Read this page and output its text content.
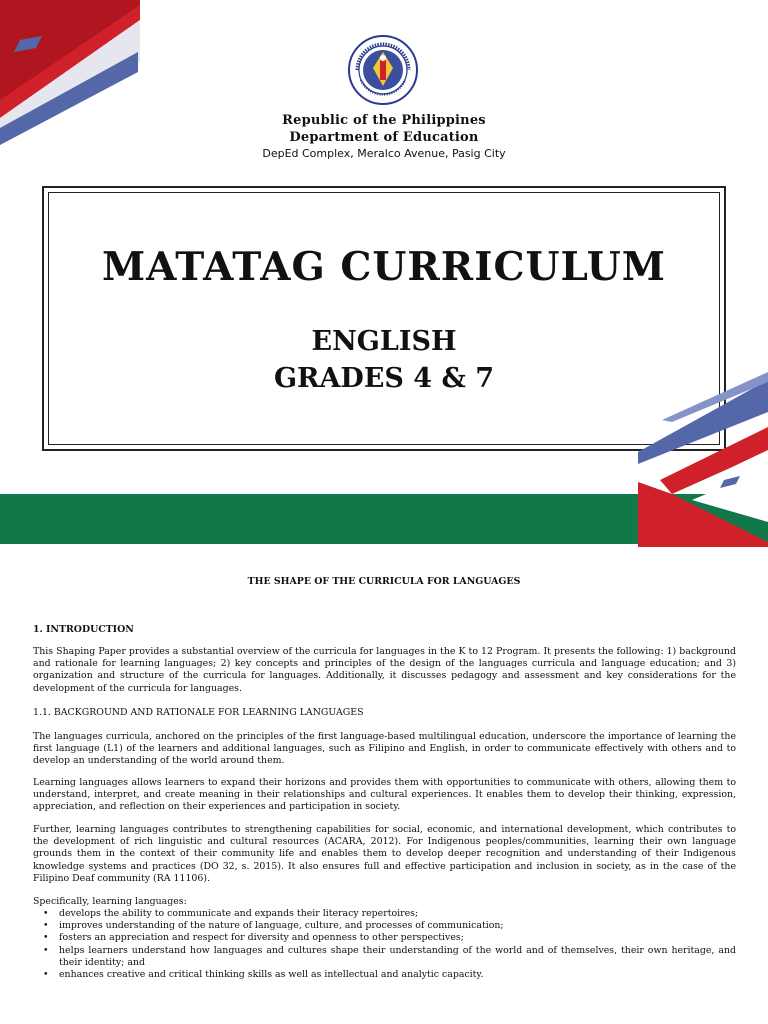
Republic of the Philippines
Department of Education
DepEd Complex, Meralco Avenue, Pasig City
MATATAG CURRICULUM
ENGLISH
GRADES 4 & 7
THE SHAPE OF THE CURRICULA FOR LANGUAGES
1. INTRODUCTION
This Shaping Paper provides a substantial overview of the curricula for languages in the K to 12 Program. It presents the following: 1) background and rationale for learning languages; 2) key concepts and principles of the design of the languages curricula and language education; and 3) organization and structure of the curricula for languages. Additionally, it discusses pedagogy and assessment and key considerations for the development of the curricula for languages.
1.1. BACKGROUND AND RATIONALE FOR LEARNING LANGUAGES
The languages curricula, anchored on the principles of the first language-based multilingual education, underscore the importance of learning the first language (L1) of the learners and additional languages, such as Filipino and English, in order to communicate effectively with others and to develop an understanding of the world around them.
Learning languages allows learners to expand their horizons and provides them with opportunities to communicate with others, allowing them to understand, interpret, and create meaning in their relationships and cultural experiences. It enables them to develop their thinking, expression, appreciation, and reflection on their experiences and participation in society.
Further, learning languages contributes to strengthening capabilities for social, economic, and international development, which contributes to the development of rich linguistic and cultural resources (ACARA, 2012). For Indigenous peoples/communities, learning their own language grounds them in the context of their community life and enables them to develop deeper recognition and understanding of their Indigenous knowledge systems and practices (DO 32, s. 2015). It also ensures full and effective participation and inclusion in society, as in the case of the Filipino Deaf community (RA 11106).
Specifically, learning languages:
• develops the ability to communicate and expands their literacy repertoires;
• improves understanding of the nature of language, culture, and processes of communication;
• fosters an appreciation and respect for diversity and openness to other perspectives;
• helps learners understand how languages and cultures shape their understanding of the world and of themselves, their own heritage, and their identity; and
• enhances creative and critical thinking skills as well as intellectual and analytic capacity.
